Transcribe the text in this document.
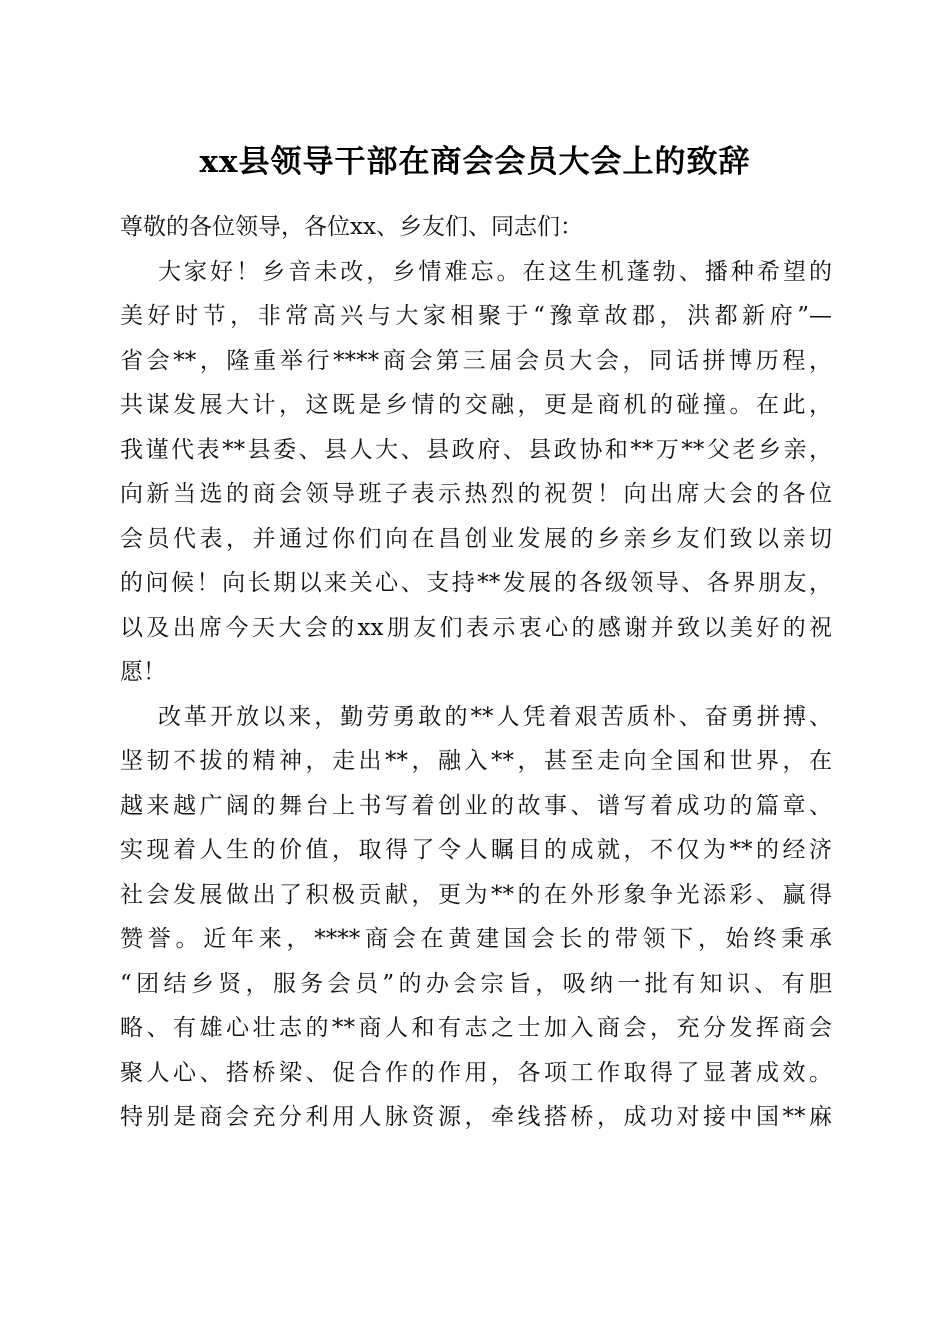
xx县领导干部在商会会员大会上的致辞
尊敬的各位领导，各位xx、乡友们、同志们：
大家好！乡音未改，乡情难忘。在这生机蓬勃、播种希望的
美好时节，非常高兴与大家相聚于“豫章故郡，洪都新府”—
省会**，隆重举行****商会第三届会员大会，同话拼博历程，
共谋发展大计，这既是乡情的交融，更是商机的碰撞。在此，
我谨代表**县委、县人大、县政府、县政协和**万**父老乡亲，
向新当选的商会领导班子表示热烈的祝贺！向出席大会的各位
会员代表，并通过你们向在昌创业发展的乡亲乡友们致以亲切
的问候！向长期以来关心、支持**发展的各级领导、各界朋友，
以及出席今天大会的xx朋友们表示衷心的感谢并致以美好的祝
愿！
改革开放以来，勤劳勇敢的**人凭着艰苦质朴、奋勇拼搏、
坚韧不拔的精神，走出**，融入**，甚至走向全国和世界，在
越来越广阔的舞台上书写着创业的故事、谱写着成功的篇章、
实现着人生的价值，取得了令人瞩目的成就，不仅为**的经济
社会发展做出了积极贡献，更为**的在外形象争光添彩、赢得
赞誉。近年来，****商会在黄建国会长的带领下，始终秉承
“团结乡贤，服务会员”的办会宗旨，吸纳一批有知识、有胆
略、有雄心壮志的**商人和有志之士加入商会，充分发挥商会
聚人心、搭桥梁、促合作的作用，各项工作取得了显著成效。
特别是商会充分利用人脉资源，牵线搭桥，成功对接中国**麻
